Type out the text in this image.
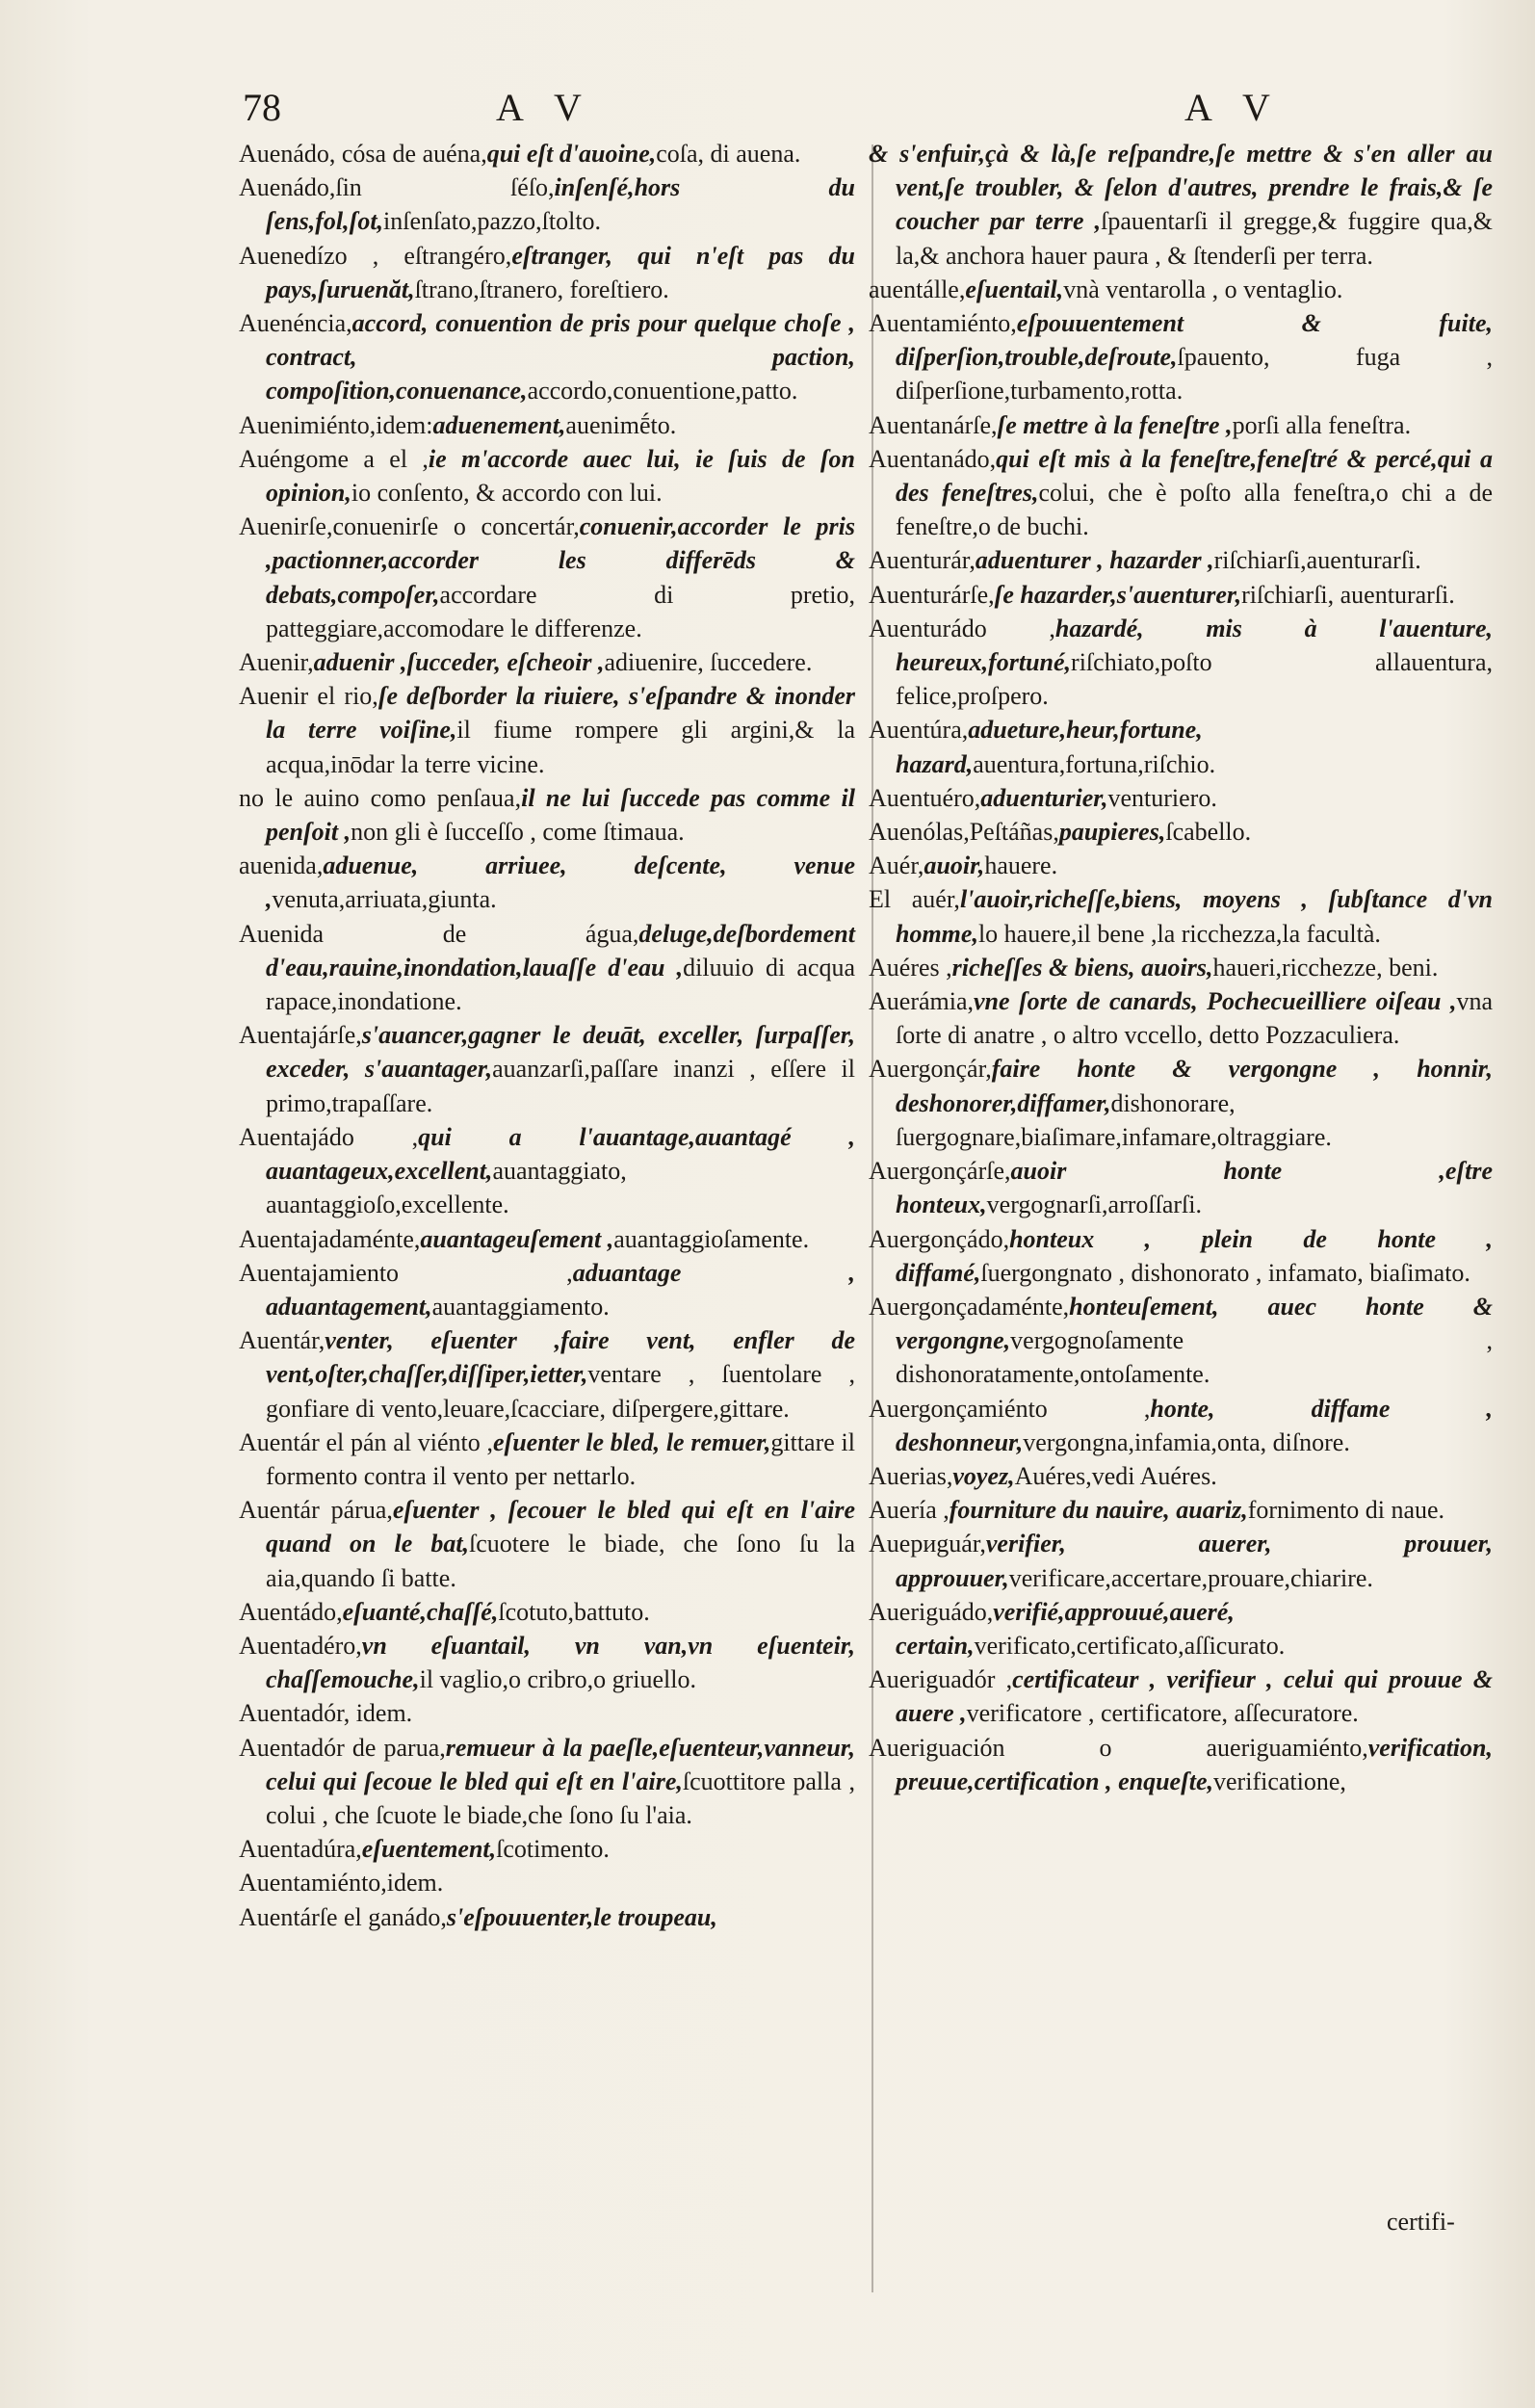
78	A V	A V

Auenádo, cósa de auéna,qui eſt d'auoine,coſa, di auena.

Auenádo,ſin ſéſo,inſenſé,hors du ſens,fol,ſot,inſenſato,pazzo,ſtolto.

Auenedízo , eſtrangéro,eſtranger, qui n'eſt pas du pays,ſuruenăt,ſtrano,ſtranero, foreſtiero.

Auenéncia,accord, conuention de pris pour quelque choſe , contract, paction, compoſition,conuenance,accordo,conuentione,patto.

Auenimiénto,idem:aduenement,auenimḗto.

Auéngome a el ,ie m'accorde auec lui, ie ſuis de ſon opinion,io conſento, & accordo con lui.

Auenirſe,conuenirſe o concertár,conuenir,accorder le pris ,pactionner,accorder les differēds & debats,compoſer,accordare di pretio, patteggiare,accomodare le differenze.

Auenir,aduenir ,ſucceder, eſcheoir ,adiuenire, ſuccedere.

Auenir el rio,ſe deſborder la riuiere, s'eſpandre & inonder la terre voiſine,il fiume rompere gli argini,& la acqua,inōdar la terre vicine.

no le auino como penſaua,il ne lui ſuccede pas comme il penſoit ,non gli è ſucceſſo , come ſtimaua.

auenida,aduenue, arriuee, deſcente, venue ,venuta,arriuata,giunta.

Auenida de água,deluge,deſbordement d'eau,rauine,inondation,lauaſſe d'eau ,diluuio di acqua rapace,inondatione.

Auentajárſe,s'auancer,gagner le deuāt, exceller, ſurpaſſer, exceder, s'auantager,auanzarſi,paſſare inanzi , eſſere il primo,trapaſſare.

Auentajádo ,qui a l'auantage,auantagé , auantageux,excellent,auantaggiato, auantaggioſo,excellente.

Auentajadaménte,auantageuſement ,auantaggioſamente.

Auentajamiento ,aduantage , aduantagement,auantaggiamento.

Auentár,venter, eſuenter ,faire vent, enfler de vent,oſter,chaſſer,diſſiper,ietter,ventare , ſuentolare , gonfiare di vento,leuare,ſcacciare, diſpergere,gittare.

Auentár el pán al viénto ,eſuenter le bled, le remuer,gittare il formento contra il vento per nettarlo.

Auentár párua,eſuenter , ſecouer le bled qui eſt en l'aire quand on le bat,ſcuotere le biade, che ſono ſu la aia,quando ſi batte.

Auentádo,eſuanté,chaſſé,ſcotuto,battuto.

Auentadéro,vn eſuantail, vn van,vn eſuenteir, chaſſemouche,il vaglio,o cribro,o griuello.

Auentadór, idem.

Auentadór de parua,remueur à la paeſle,eſuenteur,vanneur, celui qui ſecoue le bled qui eſt en l'aire,ſcuottitore palla , colui , che ſcuote le biade,che ſono ſu l'aia.

Auentadúra,eſuentement,ſcotimento.

Auentamiénto,idem.

Auentárſe el ganádo,s'eſpouuenter,le troupeau,

& s'enfuir,çà & là,ſe reſpandre,ſe mettre & s'en aller au vent,ſe troubler, & ſelon d'autres, prendre le frais,& ſe coucher par terre ,ſpauentarſi il gregge,& fuggire qua,& la,& anchora hauer paura , & ſtenderſi per terra.

auentálle,eſuentail,vnà ventarolla , o ventaglio.

Auentamiénto,eſpouuentement & fuite, diſperſion,trouble,deſroute,ſpauento, fuga , diſperſione,turbamento,rotta.

Auentanárſe,ſe mettre à la feneſtre ,porſi alla feneſtra.

Auentanádo,qui eſt mis à la feneſtre,feneſtré & percé,qui a des feneſtres,colui, che è poſto alla feneſtra,o chi a de feneſtre,o de buchi.

Auenturár,aduenturer , hazarder ,riſchiarſi,auenturarſi.

Auenturárſe,ſe hazarder,s'auenturer,riſchiarſi, auenturarſi.

Auenturádo ,hazardé, mis à l'auenture, heureux,fortuné,riſchiato,poſto allauentura, felice,proſpero.

Auentúra,adueture,heur,fortune, hazard,auentura,fortuna,riſchio.

Auentuéro,aduenturier,venturiero.

Auenólas,Peſtáñas,paupieres,ſcabello.

Auér,auoir,hauere.

El auér,l'auoir,richeſſe,biens, moyens , ſubſtance d'vn homme,lo hauere,il bene ,la ricchezza,la facultà.

Auéres ,richeſſes & biens, auoirs,haueri,ricchezze, beni.

Auerámia,vne ſorte de canards, Pochecueilliere oiſeau ,vna ſorte di anatre , o altro vccello, detto Pozzaculiera.

Auergonçár,faire honte & vergongne , honnir, deshonorer,diffamer,dishonorare, ſuergognare,biaſimare,infamare,oltraggiare.

Auergonçárſe,auoir honte ,eſtre honteux,vergognarſi,arroſſarſi.

Auergonçádo,honteux , plein de honte , diffamé,ſuergongnato , dishonorato , infamato, biaſimato.

Auergonçadaménte,honteuſement, auec honte & vergongne,vergognoſamente , dishonoratamente,ontoſamente.

Auergonçamiénto ,honte, diffame , deshonneur,vergongna,infamia,onta, diſnore.

Auerias,voyez,Auéres,vedi Auéres.

Auería ,fourniture du nauire, auariz,fornimento di naue.

Auериguár,verifier, auerer, prouuer, approuuer,verificare,accertare,prouare,chiarire.

Auеriguádo,verifié,approuué,aueré, certain,verificato,certificato,aſſicurato.

Auеriguadór ,certificateur , verifieur , celui qui prouue & auere ,verificatore , certificatore, aſſecuratore.

Auеriguación o aueriguamiénto,verification, preuue,certification , enqueſte,verificatione,

certifi-
